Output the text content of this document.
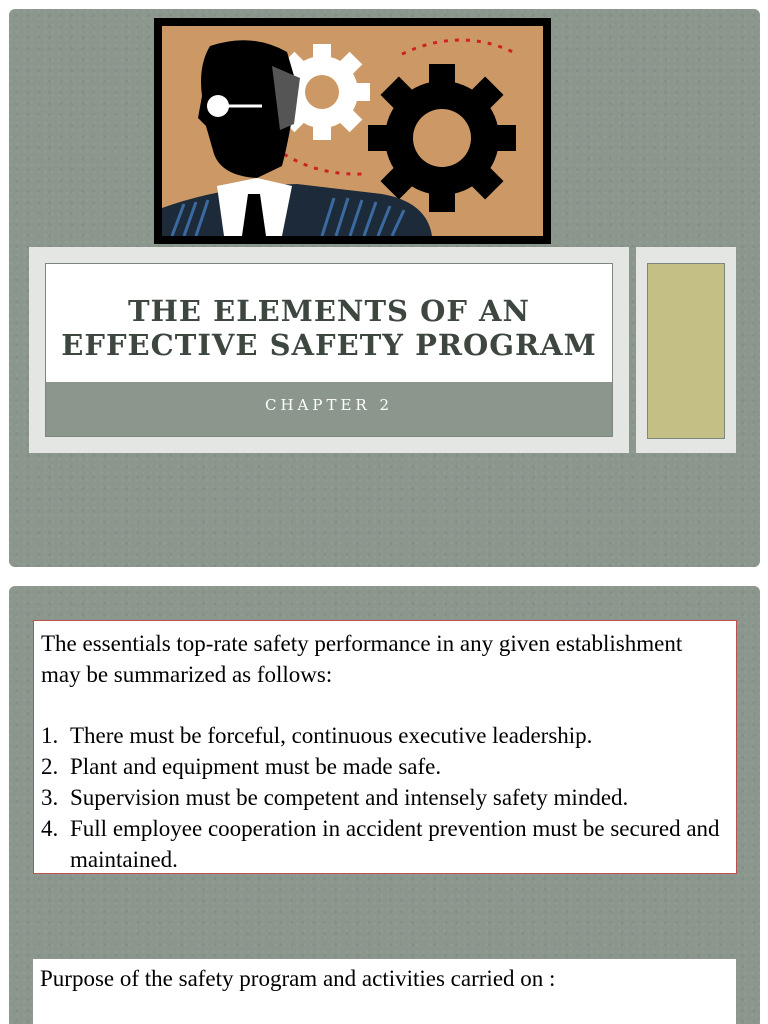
THE ELEMENTS OF AN
EFFECTIVE SAFETY PROGRAM
CHAPTER 2
The essentials top-rate safety performance in any given establishment may be summarized as follows:
1. There must be forceful, continuous executive leadership.
2. Plant and equipment must be made safe.
3. Supervision must be competent and intensely safety minded.
4. Full employee cooperation in accident prevention must be secured and maintained.
Purpose of the safety program and activities carried on :
